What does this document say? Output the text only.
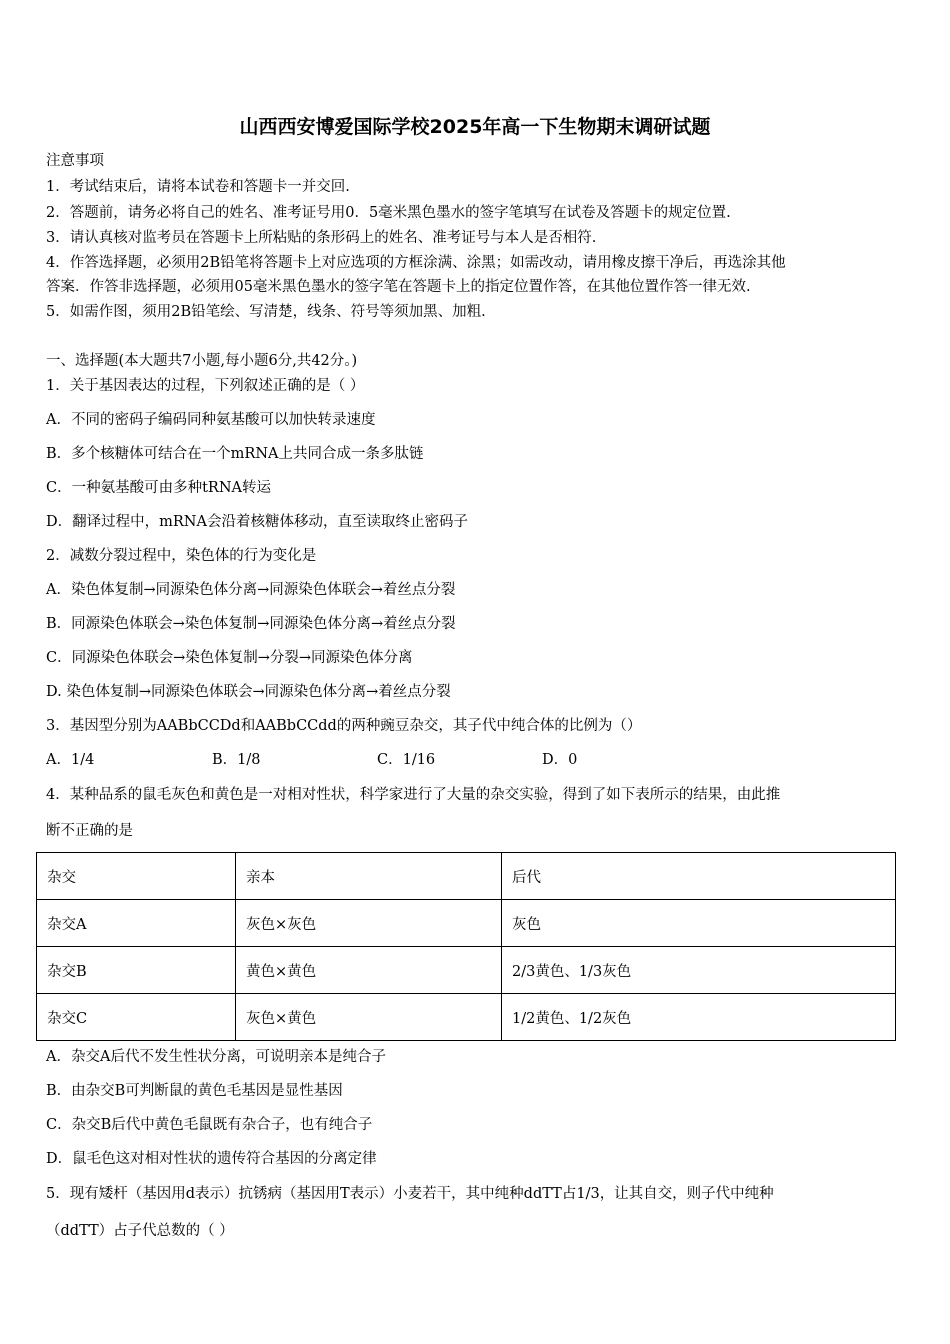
山西西安博爱国际学校2025年高一下生物期末调研试题
注意事项
1．考试结束后，请将本试卷和答题卡一并交回.
2．答题前，请务必将自己的姓名、准考证号用0．5毫米黑色墨水的签字笔填写在试卷及答题卡的规定位置.
3．请认真核对监考员在答题卡上所粘贴的条形码上的姓名、准考证号与本人是否相符.
4．作答选择题，必须用2B铅笔将答题卡上对应选项的方框涂满、涂黑；如需改动，请用橡皮擦干净后，再选涂其他
答案．作答非选择题，必须用05毫米黑色墨水的签字笔在答题卡上的指定位置作答，在其他位置作答一律无效.
5．如需作图，须用2B铅笔绘、写清楚，线条、符号等须加黑、加粗.
一、选择题(本大题共7小题,每小题6分,共42分。)
1．关于基因表达的过程，下列叙述正确的是（ ）
A．不同的密码子编码同种氨基酸可以加快转录速度
B．多个核糖体可结合在一个mRNA上共同合成一条多肽链
C．一种氨基酸可由多种tRNA转运
D．翻译过程中，mRNA会沿着核糖体移动，直至读取终止密码子
2．减数分裂过程中，染色体的行为变化是
A．染色体复制→同源染色体分离→同源染色体联会→着丝点分裂
B．同源染色体联会→染色体复制→同源染色体分离→着丝点分裂
C．同源染色体联会→染色体复制→分裂→同源染色体分离
D. 染色体复制→同源染色体联会→同源染色体分离→着丝点分裂
3．基因型分别为AABbCCDd和AABbCCdd的两种豌豆杂交，其子代中纯合体的比例为（）
A．1/4	B．1/8	C．1/16	D．0
4．某种品系的鼠毛灰色和黄色是一对相对性状，科学家进行了大量的杂交实验，得到了如下表所示的结果，由此推
断不正确的是
杂交	亲本	后代
杂交A	灰色×灰色	灰色
杂交B	黄色×黄色	2/3黄色、1/3灰色
杂交C	灰色×黄色	1/2黄色、1/2灰色
A．杂交A后代不发生性状分离，可说明亲本是纯合子
B．由杂交B可判断鼠的黄色毛基因是显性基因
C．杂交B后代中黄色毛鼠既有杂合子，也有纯合子
D．鼠毛色这对相对性状的遗传符合基因的分离定律
5．现有矮杆（基因用d表示）抗锈病（基因用T表示）小麦若干，其中纯种ddTT占1/3，让其自交，则子代中纯种
（ddTT）占子代总数的（ ）
